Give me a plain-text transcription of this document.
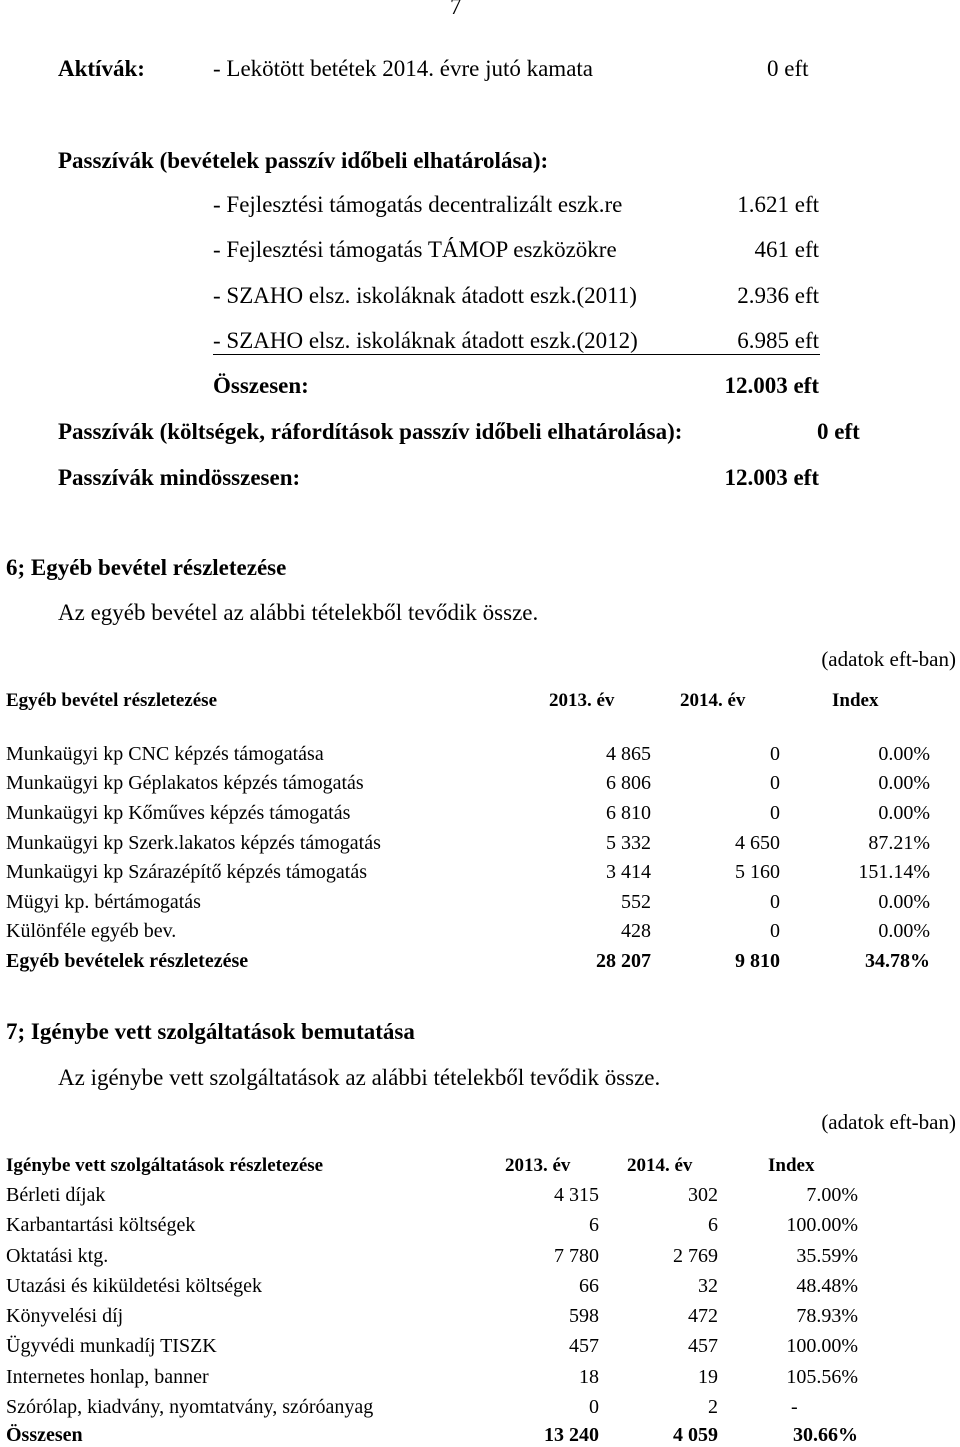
7
Aktívák:	- Lekötött betétek 2014. évre jutó kamata	0 eft
Passzívák (bevételek passzív időbeli elhatárolása):
- Fejlesztési támogatás decentralizált eszk.re	1.621 eft
- Fejlesztési támogatás TÁMOP eszközökre	461 eft
- SZAHO elsz. iskoláknak átadott eszk.(2011)	2.936 eft
- SZAHO elsz. iskoláknak átadott eszk.(2012)	6.985 eft
Összesen:	12.003 eft
Passzívák (költségek, ráfordítások passzív időbeli elhatárolása):	0 eft
Passzívák mindösszesen:	12.003 eft
6; Egyéb bevétel részletezése
Az egyéb bevétel az alábbi tételekből tevődik össze.
(adatok eft-ban)
Egyéb bevétel részletezése	2013. év	2014. év	Index
Munkaügyi kp CNC képzés támogatása	4 865	0	0.00%
Munkaügyi kp Géplakatos képzés támogatás	6 806	0	0.00%
Munkaügyi kp Kőműves képzés támogatás	6 810	0	0.00%
Munkaügyi kp Szerk.lakatos képzés támogatás	5 332	4 650	87.21%
Munkaügyi kp Szárazépítő képzés támogatás	3 414	5 160	151.14%
Mügyi kp. bértámogatás	552	0	0.00%
Különféle egyéb bev.	428	0	0.00%
Egyéb bevételek részletezése	28 207	9 810	34.78%
7; Igénybe vett szolgáltatások bemutatása
Az igénybe vett szolgáltatások az alábbi tételekből tevődik össze.
(adatok eft-ban)
Igénybe vett szolgáltatások részletezése	2013. év	2014. év	Index
Bérleti díjak	4 315	302	7.00%
Karbantartási költségek	6	6	100.00%
Oktatási ktg.	7 780	2 769	35.59%
Utazási és kiküldetési költségek	66	32	48.48%
Könyvelési díj	598	472	78.93%
Ügyvédi munkadíj TISZK	457	457	100.00%
Internetes honlap, banner	18	19	105.56%
Szórólap, kiadvány, nyomtatvány, szóróanyag	0	2	-
Összesen	13 240	4 059	30.66%
